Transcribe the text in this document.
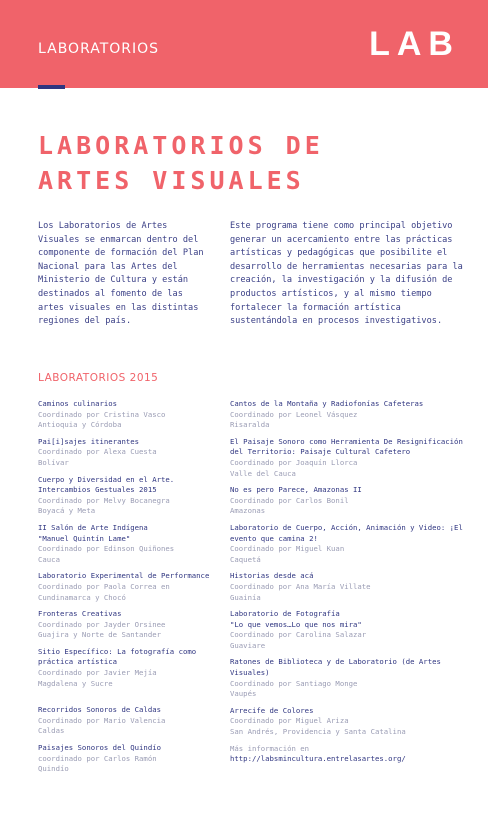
LABORATORIOS	LAB
LABORATORIOS DE
ARTES VISUALES

Los Laboratorios de Artes Visuales se enmarcan dentro del componente de formación del Plan Nacional para las Artes del Ministerio de Cultura y están destinados al fomento de las artes visuales en las distintas regiones del país.

Este programa tiene como principal objetivo generar un acercamiento entre las prácticas artísticas y pedagógicas que posibilite el desarrollo de herramientas necesarias para la creación, la investigación y la difusión de productos artísticos, y al mismo tiempo fortalecer la formación artística sustentándola en procesos investigativos.

LABORATORIOS 2015
Caminos culinarios
Coordinado por Cristina Vasco
Antioquia y Córdoba
Pai[i]sajes itinerantes
Coordinado por Alexa Cuesta
Bolívar
Cuerpo y Diversidad en el Arte. Intercambios Gestuales 2015
Coordinado por Melvy Bocanegra
Boyacá y Meta
II Salón de Arte Indígena
"Manuel Quintín Lame"
Coordinado por Edinson Quiñones
Cauca
Laboratorio Experimental de Performance
Coordinado por Paola Correa en Cundinamarca y Chocó
Fronteras Creativas
Coordinado por Jayder Orsinee
Guajira y Norte de Santander
Sitio Específico: La fotografía como práctica artística
Coordinado por Javier Mejía
Magdalena y Sucre
Recorridos Sonoros de Caldas
Coordinado por Mario Valencia
Caldas
Paisajes Sonoros del Quindío
coordinado por Carlos Ramón
Quindío
Cantos de la Montaña y Radiofonías Cafeteras
Coordinado por Leonel Vásquez
Risaralda
El Paisaje Sonoro como Herramienta De Resignificación del Territorio: Paisaje Cultural Cafetero
Coordinado por Joaquín Llorca
Valle del Cauca
No es pero Parece, Amazonas II
Coordinado por Carlos Bonil
Amazonas
Laboratorio de Cuerpo, Acción, Animación y Video: ¡El evento que camina 2!
Coordinado por Miguel Kuan
Caquetá
Historias desde acá
Coordinado por Ana María Villate
Guainía
Laboratorio de Fotografía
"Lo que vemos…Lo que nos mira"
Coordinado por Carolina Salazar
Guaviare
Ratones de Biblioteca y de Laboratorio (de Artes Visuales)
Coordinado por Santiago Monge
Vaupés
Arrecife de Colores
Coordinado por Miguel Ariza
San Andrés, Providencia y Santa Catalina
Más información en
http://labsmincultura.entrelasartes.org/
